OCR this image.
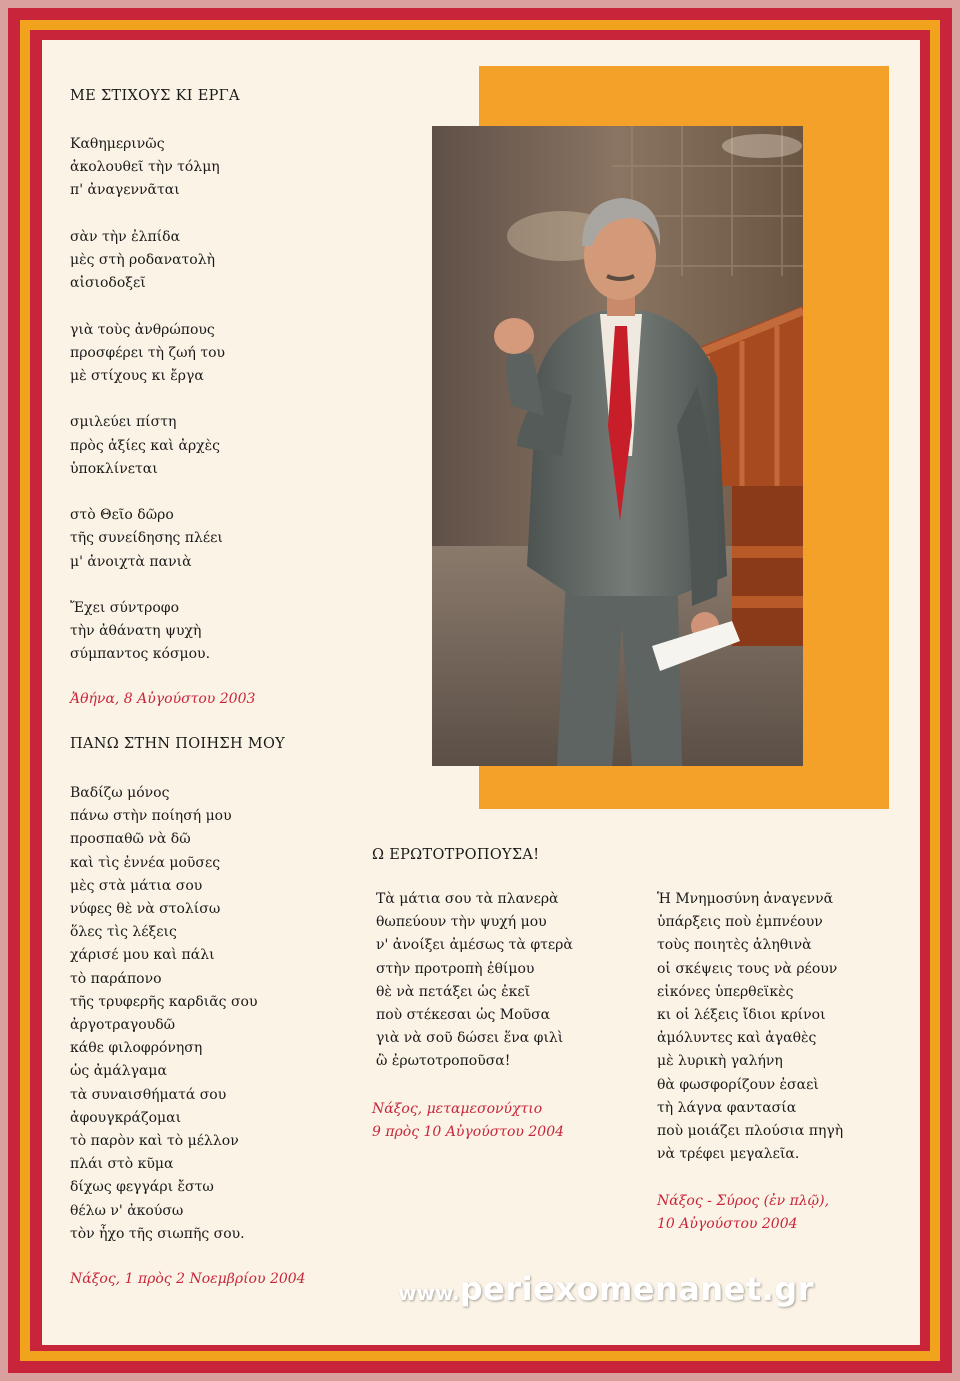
ΜΕ ΣΤΙΧΟΥΣ ΚΙ ΕΡΓΑ
Καθημερινῶς
ἀκολουθεῖ τὴν τόλμη
π' ἀναγεννᾶται

σὰν τὴν ἐλπίδα
μὲς στὴ ροδανατολὴ
αἰσιοδοξεῖ

γιὰ τοὺς ἀνθρώπους
προσφέρει τὴ ζωή του
μὲ στίχους κι ἔργα

σμιλεύει πίστη
πρὸς ἀξίες καὶ ἀρχὲς
ὑποκλίνεται

στὸ Θεῖο δῶρο
τῆς συνείδησης πλέει
μ' ἀνοιχτὰ πανιὰ

Ἔχει σύντροφο
τὴν ἀθάνατη ψυχὴ
σύμπαντος κόσμου.
Ἀθήνα, 8 Αὐγούστου 2003
ΠΑΝΩ ΣΤΗΝ ΠΟΙΗΣΗ ΜΟΥ
Βαδίζω μόνος
πάνω στὴν ποίησή μου
προσπαθῶ νὰ δῶ
καὶ τὶς ἐννέα μοῦσες
μὲς στὰ μάτια σου
νύφες θὲ νὰ στολίσω
ὅλες τὶς λέξεις
χάρισέ μου καὶ πάλι
τὸ παράπονο
τῆς τρυφερῆς καρδιᾶς σου
ἀργοτραγουδῶ
κάθε φιλοφρόνηση
ὡς ἀμάλγαμα
τὰ συναισθήματά σου
ἀφουγκράζομαι
τὸ παρὸν καὶ τὸ μέλλον
πλάι στὸ κῦμα
δίχως φεγγάρι ἔστω
θέλω ν' ἀκούσω
τὸν ἦχο τῆς σιωπῆς σου.
Νάξος, 1 πρὸς 2 Νοεμβρίου 2004
Ω ΕΡΩΤΟΤΡΟΠΟΥΣΑ!
Τὰ μάτια σου τὰ πλανερὰ
θωπεύουν τὴν ψυχή μου
ν' ἀνοίξει ἀμέσως τὰ φτερὰ
στὴν προτροπὴ ἐθίμου
θὲ νὰ πετάξει ὡς ἐκεῖ
ποὺ στέκεσαι ὡς Μοῦσα
γιὰ νὰ σοῦ δώσει ἕνα φιλὶ
ὢ ἐρωτοτροποῦσα!
Νάξος, μεταμεσονύχτιο
9 πρὸς 10 Αὐγούστου 2004
Ἡ Μνημοσύνη ἀναγεννᾶ
ὑπάρξεις ποὺ ἐμπνέουν
τοὺς ποιητὲς ἀληθινὰ
οἱ σκέψεις τους νὰ ρέουν
εἰκόνες ὑπερθεϊκὲς
κι οἱ λέξεις ἴδιοι κρίνοι
ἀμόλυντες καὶ ἀγαθὲς
μὲ λυρικὴ γαλήνη
θὰ φωσφορίζουν ἐσαεὶ
τὴ λάγνα φαντασία
ποὺ μοιάζει πλούσια πηγὴ
νὰ τρέφει μεγαλεῖα.
Νάξος - Σύρος (ἐν πλῷ),
10 Αὐγούστου 2004
www.periexomenanet.gr
